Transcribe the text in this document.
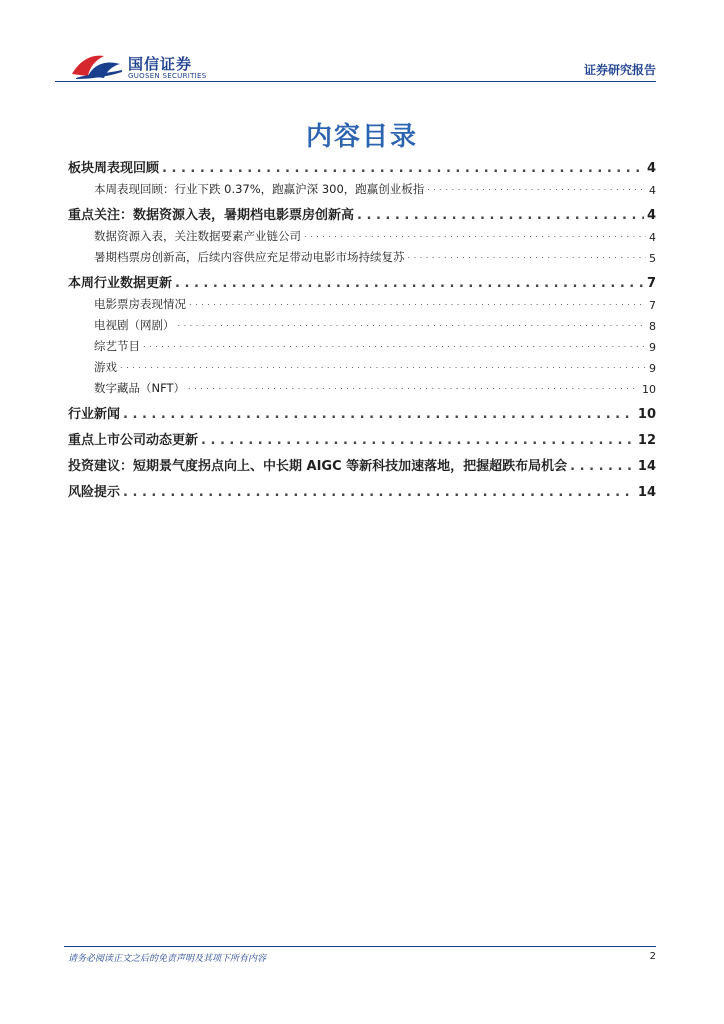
国信证券
GUOSEN SECURITIES	证券研究报告
内容目录
板块周表现回顾 . . .	4
本周表现回顾：行业下跌 0.37%，跑赢沪深 300，跑赢创业板指 . . .	4
重点关注：数据资源入表，暑期档电影票房创新高 . . .	4
数据资源入表，关注数据要素产业链公司 . . .	4
暑期档票房创新高，后续内容供应充足带动电影市场持续复苏 . . .	5
本周行业数据更新 . . .	7
电影票房表现情况 . . .	7
电视剧（网剧） . . .	8
综艺节目 . . .	9
游戏 . . .	9
数字藏品（NFT） . . .	10
行业新闻 . . .	10
重点上市公司动态更新 . . .	12
投资建议：短期景气度拐点向上、中长期 AIGC 等新科技加速落地，把握超跌布局机会 . . .	14
风险提示 . . .	14
请务必阅读正文之后的免责声明及其项下所有内容	2
